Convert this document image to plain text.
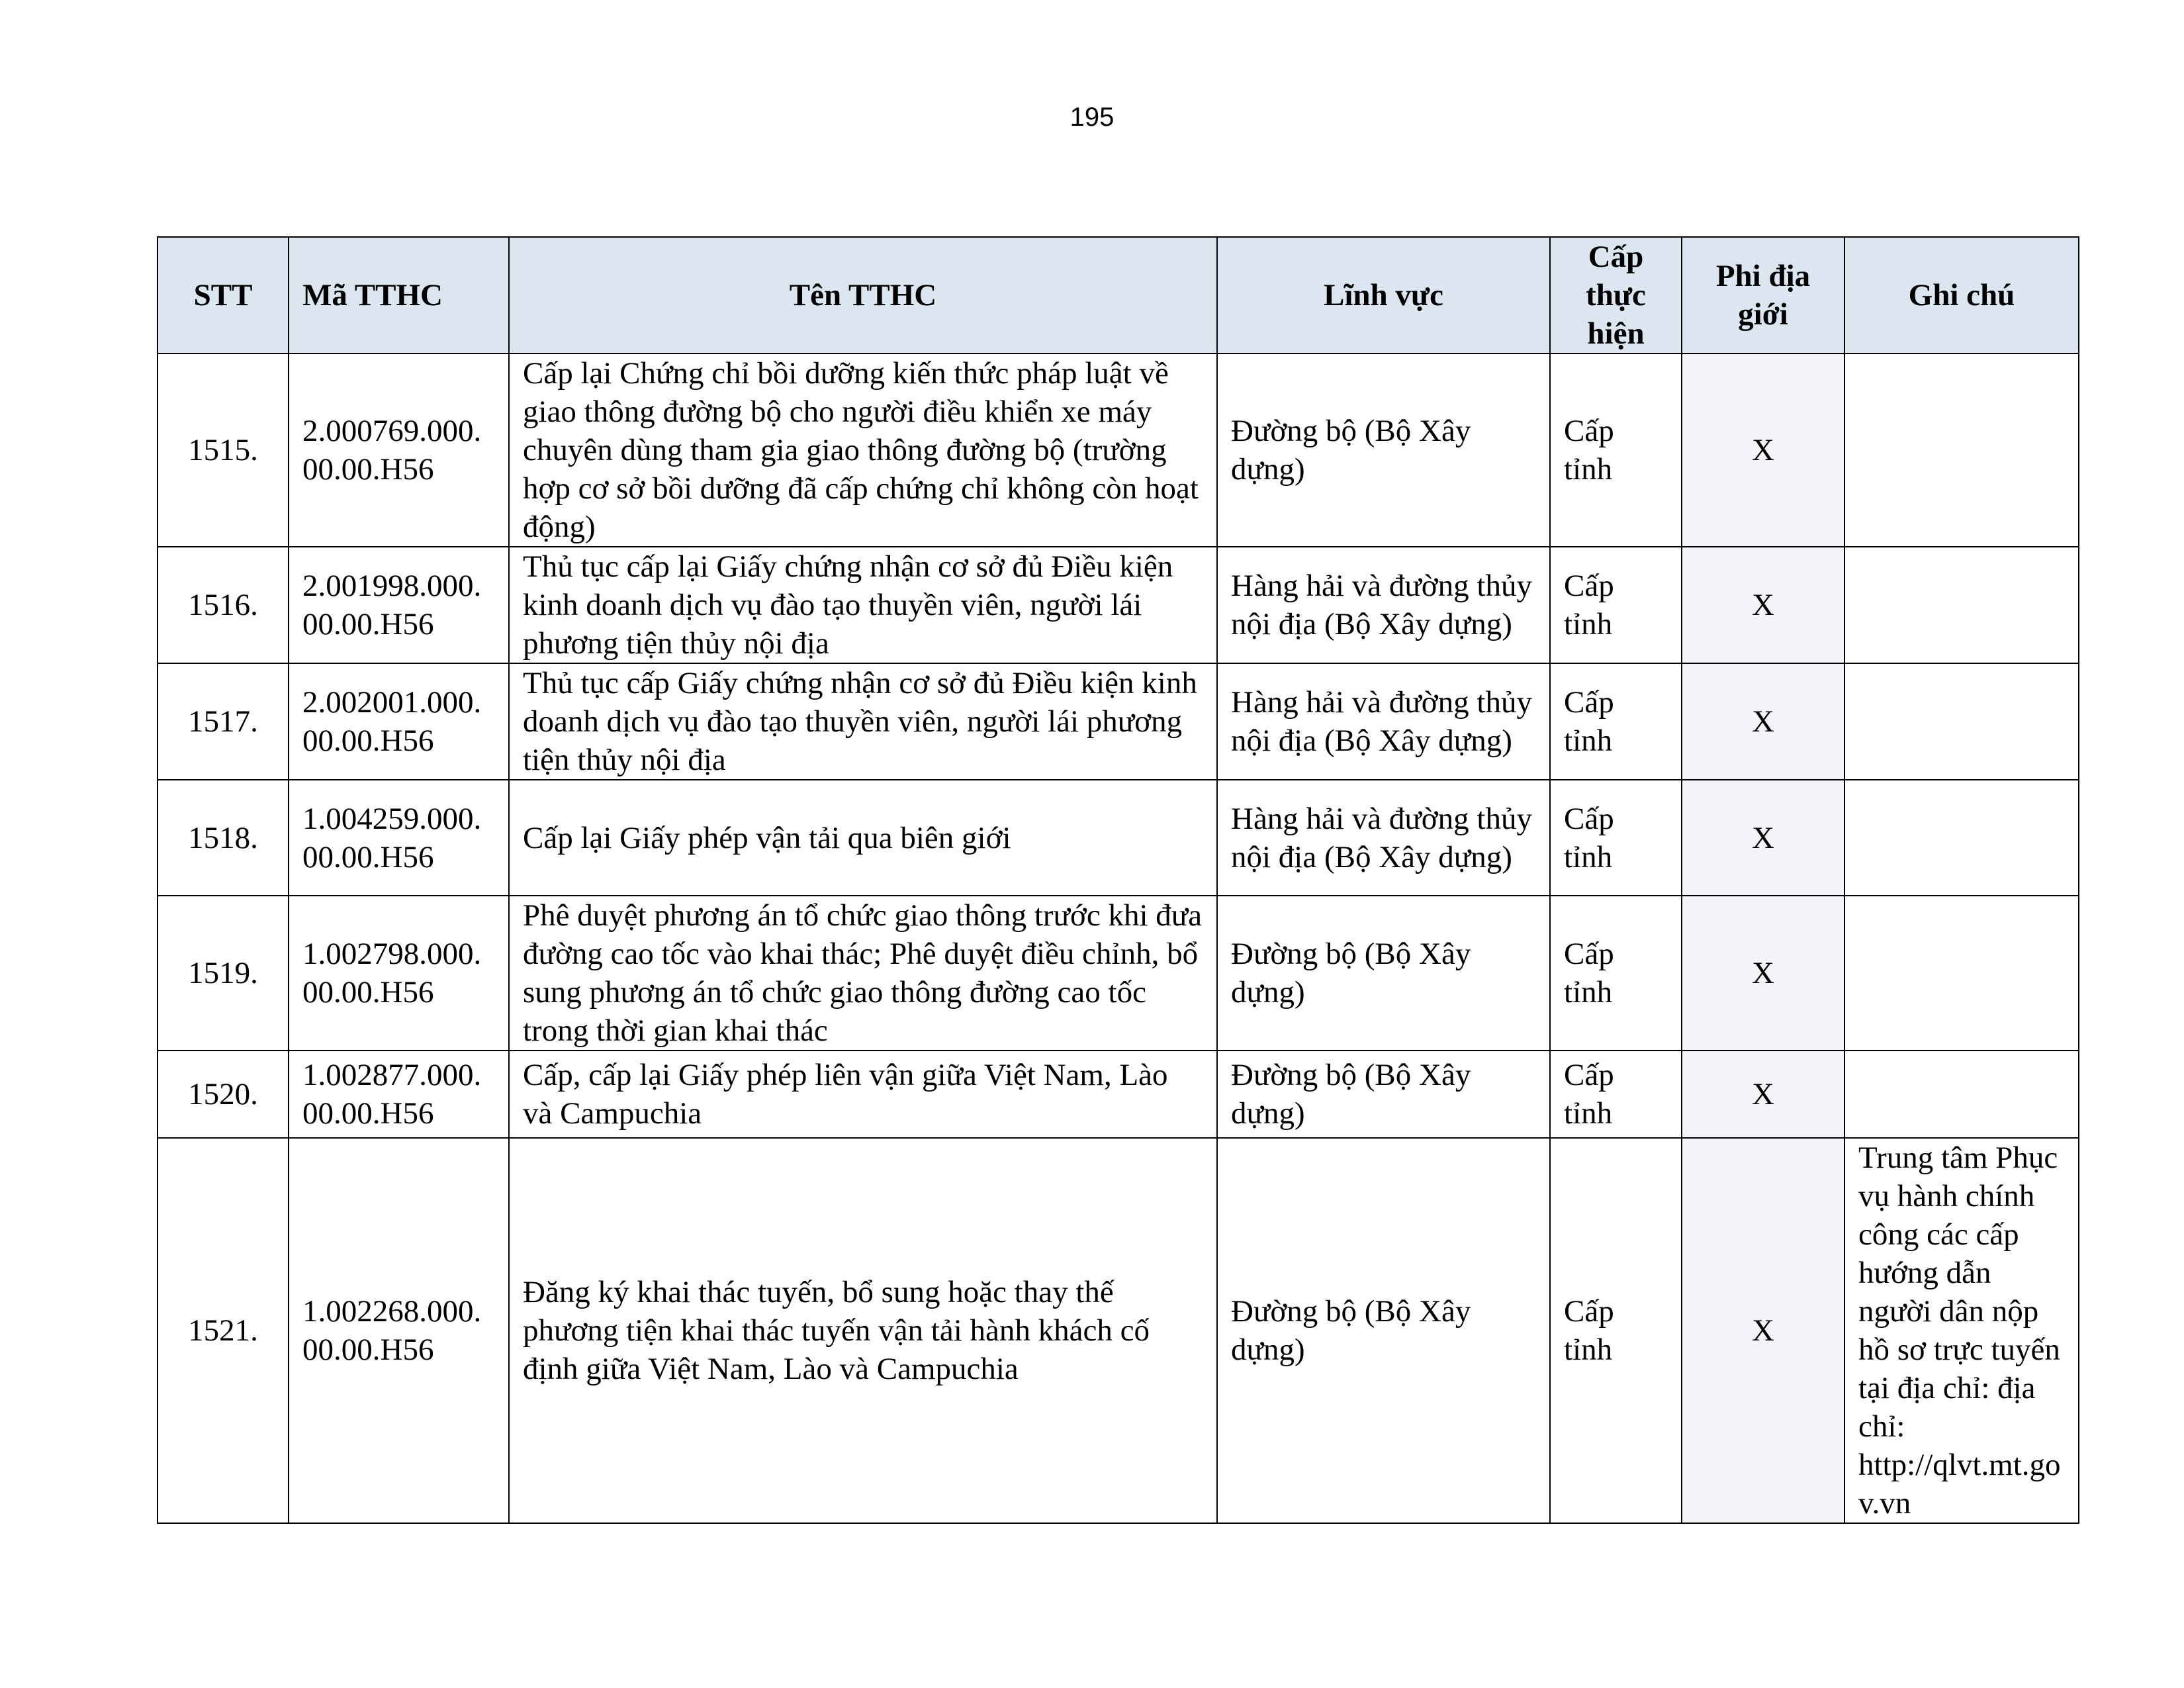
195
STT	Mã TTHC	Tên TTHC	Lĩnh vực	Cấp thực hiện	Phi địa giới	Ghi chú
1515.	2.000769.000.00.00.H56	Cấp lại Chứng chỉ bồi dưỡng kiến thức pháp luật về giao thông đường bộ cho người điều khiển xe máy chuyên dùng tham gia giao thông đường bộ (trường hợp cơ sở bồi dưỡng đã cấp chứng chỉ không còn hoạt động)	Đường bộ (Bộ Xây dựng)	Cấp tỉnh	X	
1516.	2.001998.000.00.00.H56	Thủ tục cấp lại Giấy chứng nhận cơ sở đủ Điều kiện kinh doanh dịch vụ đào tạo thuyền viên, người lái phương tiện thủy nội địa	Hàng hải và đường thủy nội địa (Bộ Xây dựng)	Cấp tỉnh	X	
1517.	2.002001.000.00.00.H56	Thủ tục cấp Giấy chứng nhận cơ sở đủ Điều kiện kinh doanh dịch vụ đào tạo thuyền viên, người lái phương tiện thủy nội địa	Hàng hải và đường thủy nội địa (Bộ Xây dựng)	Cấp tỉnh	X	
1518.	1.004259.000.00.00.H56	Cấp lại Giấy phép vận tải qua biên giới	Hàng hải và đường thủy nội địa (Bộ Xây dựng)	Cấp tỉnh	X	
1519.	1.002798.000.00.00.H56	Phê duyệt phương án tổ chức giao thông trước khi đưa đường cao tốc vào khai thác; Phê duyệt điều chỉnh, bổ sung phương án tổ chức giao thông đường cao tốc trong thời gian khai thác	Đường bộ (Bộ Xây dựng)	Cấp tỉnh	X	
1520.	1.002877.000.00.00.H56	Cấp, cấp lại Giấy phép liên vận giữa Việt Nam, Lào và Campuchia	Đường bộ (Bộ Xây dựng)	Cấp tỉnh	X	
1521.	1.002268.000.00.00.H56	Đăng ký khai thác tuyến, bổ sung hoặc thay thế phương tiện khai thác tuyến vận tải hành khách cố định giữa Việt Nam, Lào và Campuchia	Đường bộ (Bộ Xây dựng)	Cấp tỉnh	X	Trung tâm Phục vụ hành chính công các cấp hướng dẫn người dân nộp hồ sơ trực tuyến tại địa chỉ: địa chỉ: http://qlvt.mt.gov.vn
